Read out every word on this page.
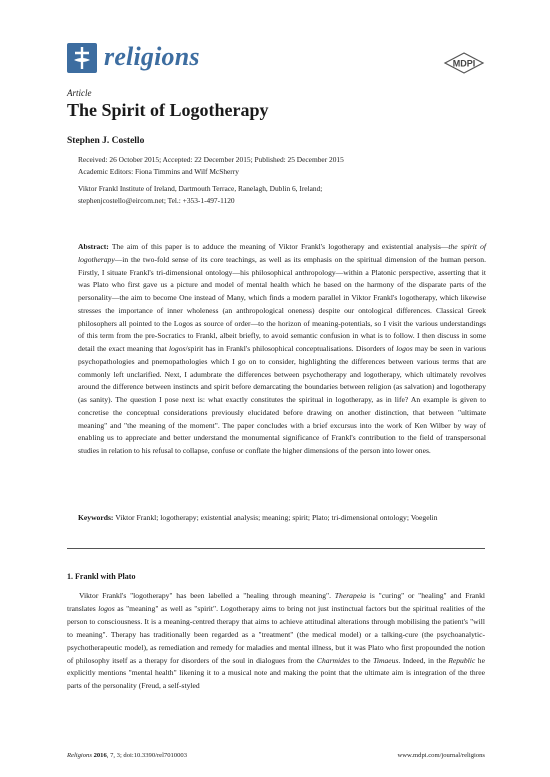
religions	MDPI
Article
The Spirit of Logotherapy
Stephen J. Costello
Received: 26 October 2015; Accepted: 22 December 2015; Published: 25 December 2015
Academic Editors: Fiona Timmins and Wilf McSherry
Viktor Frankl Institute of Ireland, Dartmouth Terrace, Ranelagh, Dublin 6, Ireland;
stephenjcostello@eircom.net; Tel.: +353-1-497-1120
Abstract: The aim of this paper is to adduce the meaning of Viktor Frankl's logotherapy and existential analysis—the spirit of logotherapy—in the two-fold sense of its core teachings, as well as its emphasis on the spiritual dimension of the human person. Firstly, I situate Frankl's tri-dimensional ontology—his philosophical anthropology—within a Platonic perspective, asserting that it was Plato who first gave us a picture and model of mental health which he based on the harmony of the disparate parts of the personality—the aim to become One instead of Many, which finds a modern parallel in Viktor Frankl's logotherapy, which likewise stresses the importance of inner wholeness (an anthropological oneness) despite our ontological differences. Classical Greek philosophers all pointed to the Logos as source of order—to the horizon of meaning-potentials, so I visit the various understandings of this term from the pre-Socratics to Frankl, albeit briefly, to avoid semantic confusion in what is to follow. I then discuss in some detail the exact meaning that logos/spirit has in Frankl's philosophical conceptualisations. Disorders of logos may be seen in various psychopathologies and pnemopathologies which I go on to consider, highlighting the differences between various terms that are commonly left unclarified. Next, I adumbrate the differences between psychotherapy and logotherapy, which ultimately revolves around the difference between instincts and spirit before demarcating the boundaries between religion (as salvation) and logotherapy (as sanity). The question I pose next is: what exactly constitutes the spiritual in logotherapy, as in life? An example is given to concretise the conceptual considerations previously elucidated before drawing on another distinction, that between "ultimate meaning" and "the meaning of the moment". The paper concludes with a brief excursus into the work of Ken Wilber by way of enabling us to appreciate and better understand the monumental significance of Frankl's contribution to the field of transpersonal studies in relation to his refusal to collapse, confuse or conflate the higher dimensions of the person into lower ones.
Keywords: Viktor Frankl; logotherapy; existential analysis; meaning; spirit; Plato; tri-dimensional ontology; Voegelin
1. Frankl with Plato
Viktor Frankl's "logotherapy" has been labelled a "healing through meaning". Therapeia is "curing" or "healing" and Frankl translates logos as "meaning" as well as "spirit". Logotherapy aims to bring not just instinctual factors but the spiritual realities of the person to consciousness. It is a meaning-centred therapy that aims to achieve attitudinal alterations through mobilising the patient's "will to meaning". Therapy has traditionally been regarded as a "treatment" (the medical model) or a talking-cure (the psychoanalytic-psychotherapeutic model), as remediation and remedy for maladies and mental illness, but it was Plato who first propounded the notion of philosophy itself as a therapy for disorders of the soul in dialogues from the Charmides to the Timaeus. Indeed, in the Republic he explicitly mentions "mental health" likening it to a musical note and making the point that the ultimate aim is integration of the three parts of the personality (Freud, a self-styled
Religions 2016, 7, 3; doi:10.3390/rel7010003	www.mdpi.com/journal/religions
